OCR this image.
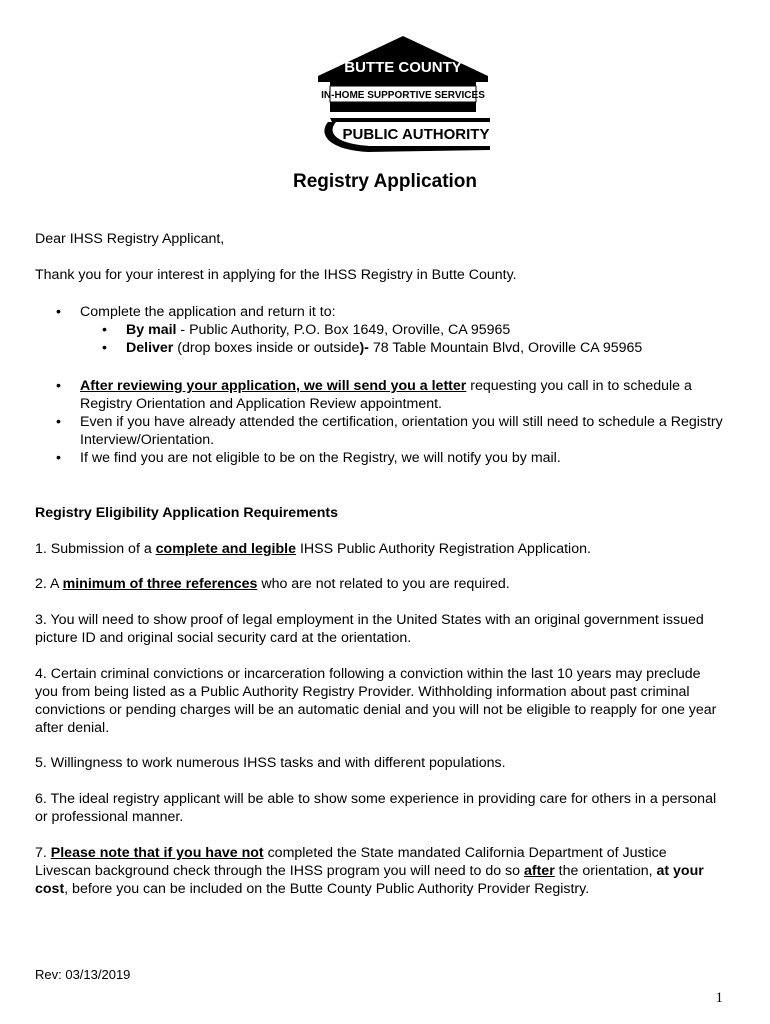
BUTTE COUNTY
IN-HOME SUPPORTIVE SERVICES
PUBLIC AUTHORITY
Registry Application

Dear IHSS Registry Applicant,

Thank you for your interest in applying for the IHSS Registry in Butte County.

• Complete the application and return it to:
• By mail - Public Authority, P.O. Box 1649, Oroville, CA 95965
• Deliver (drop boxes inside or outside)- 78 Table Mountain Blvd, Oroville CA 95965
• After reviewing your application, we will send you a letter requesting you call in to schedule a Registry Orientation and Application Review appointment.
• Even if you have already attended the certification, orientation you will still need to schedule a Registry Interview/Orientation.
• If we find you are not eligible to be on the Registry, we will notify you by mail.

Registry Eligibility Application Requirements

1. Submission of a complete and legible IHSS Public Authority Registration Application.

2. A minimum of three references who are not related to you are required.

3. You will need to show proof of legal employment in the United States with an original government issued picture ID and original social security card at the orientation.

4. Certain criminal convictions or incarceration following a conviction within the last 10 years may preclude you from being listed as a Public Authority Registry Provider. Withholding information about past criminal convictions or pending charges will be an automatic denial and you will not be eligible to reapply for one year after denial.

5. Willingness to work numerous IHSS tasks and with different populations.

6. The ideal registry applicant will be able to show some experience in providing care for others in a personal or professional manner.

7. Please note that if you have not completed the State mandated California Department of Justice Livescan background check through the IHSS program you will need to do so after the orientation, at your cost, before you can be included on the Butte County Public Authority Provider Registry.

Rev: 03/13/2019
1
